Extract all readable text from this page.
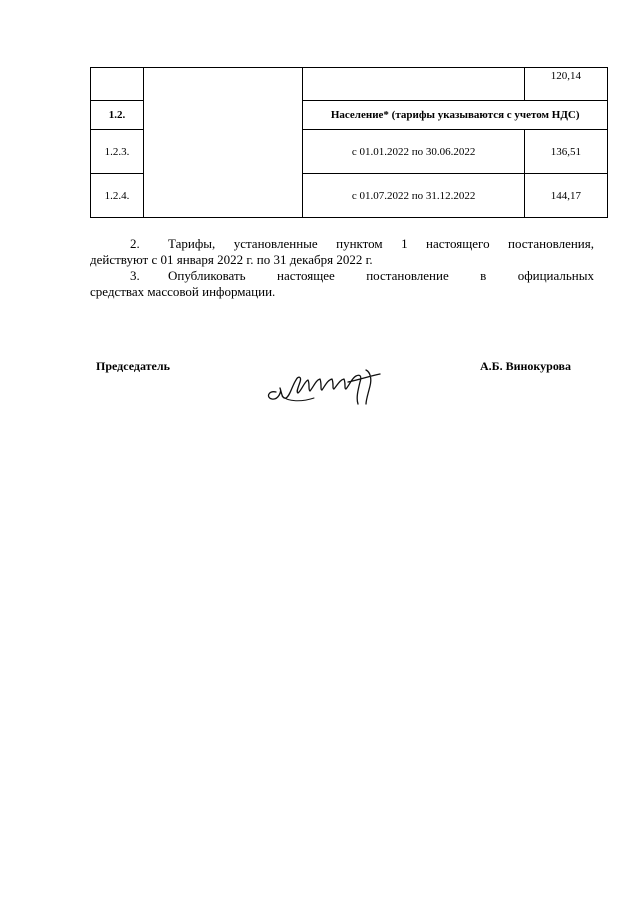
			120,14
1.2.		Население* (тарифы указываются с учетом НДС)	
1.2.3.		с 01.01.2022 по 30.06.2022	136,51
1.2.4.		с 01.07.2022 по 31.12.2022	144,17
2. Тарифы, установленные пунктом 1 настоящего постановления,
действуют с 01 января 2022 г. по 31 декабря 2022 г.
3. Опубликовать настоящее постановление в официальных
средствах массовой информации.
Председатель	А.Б. Винокурова
